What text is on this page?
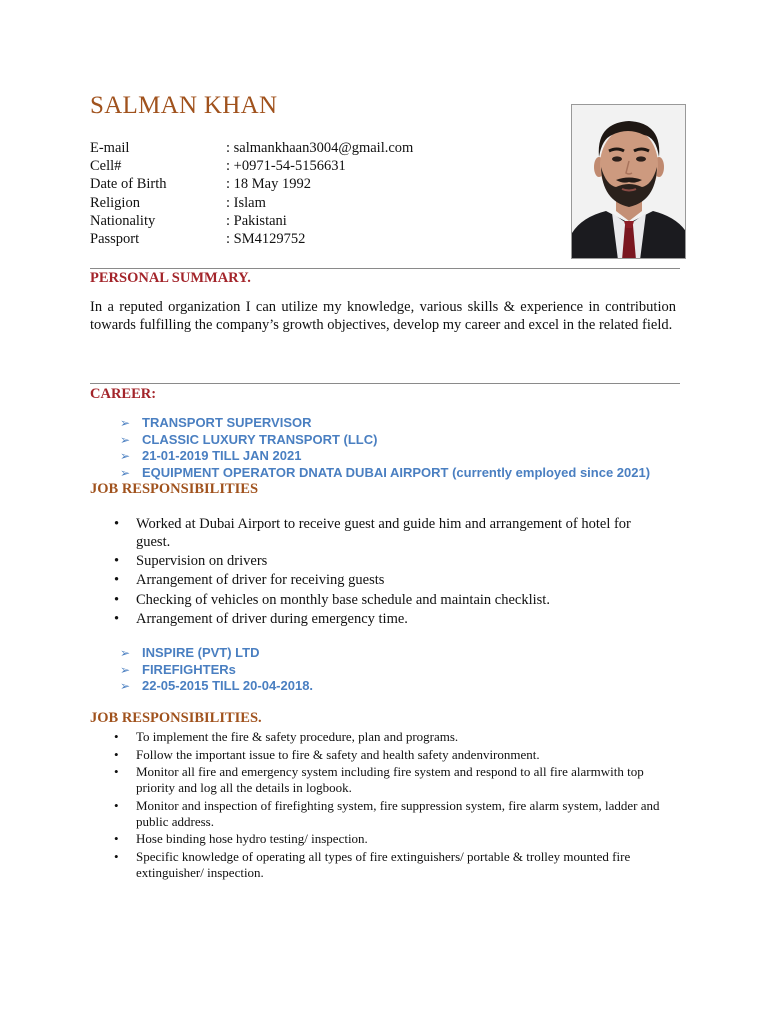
SALMAN KHAN
E-mail	: salmankhaan3004@gmail.com
Cell#	: +0971-54-5156631
Date of Birth	: 18 May 1992
Religion	: Islam
Nationality	: Pakistani
Passport	: SM4129752
PERSONAL SUMMARY.

In a reputed organization I can utilize my knowledge, various skills & experience in contribution towards fulfilling the company’s growth objectives, develop my career and excel in the related field.

CAREER:
➢ TRANSPORT SUPERVISOR
➢ CLASSIC LUXURY TRANSPORT (LLC)
➢ 21-01-2019 TILL JAN 2021
➢ EQUIPMENT OPERATOR DNATA DUBAI AIRPORT (currently employed since 2021)
JOB RESPONSIBILITIES
• Worked at Dubai Airport to receive guest and guide him and arrangement of hotel for guest.
• Supervision on drivers
• Arrangement of driver for receiving guests
• Checking of vehicles on monthly base schedule and maintain checklist.
• Arrangement of driver during emergency time.
➢ INSPIRE (PVT) LTD
➢ FIREFIGHTERs
➢ 22-05-2015 TILL 20-04-2018.
JOB RESPONSIBILITIES.
• To implement the fire & safety procedure, plan and programs.
• Follow the important issue to fire & safety and health safety andenvironment.
• Monitor all fire and emergency system including fire system and respond to all fire alarmwith top priority and log all the details in logbook.
• Monitor and inspection of firefighting system, fire suppression system, fire alarm system, ladder and public address.
• Hose binding hose hydro testing/ inspection.
• Specific knowledge of operating all types of fire extinguishers/ portable & trolley mounted fire extinguisher/ inspection.
